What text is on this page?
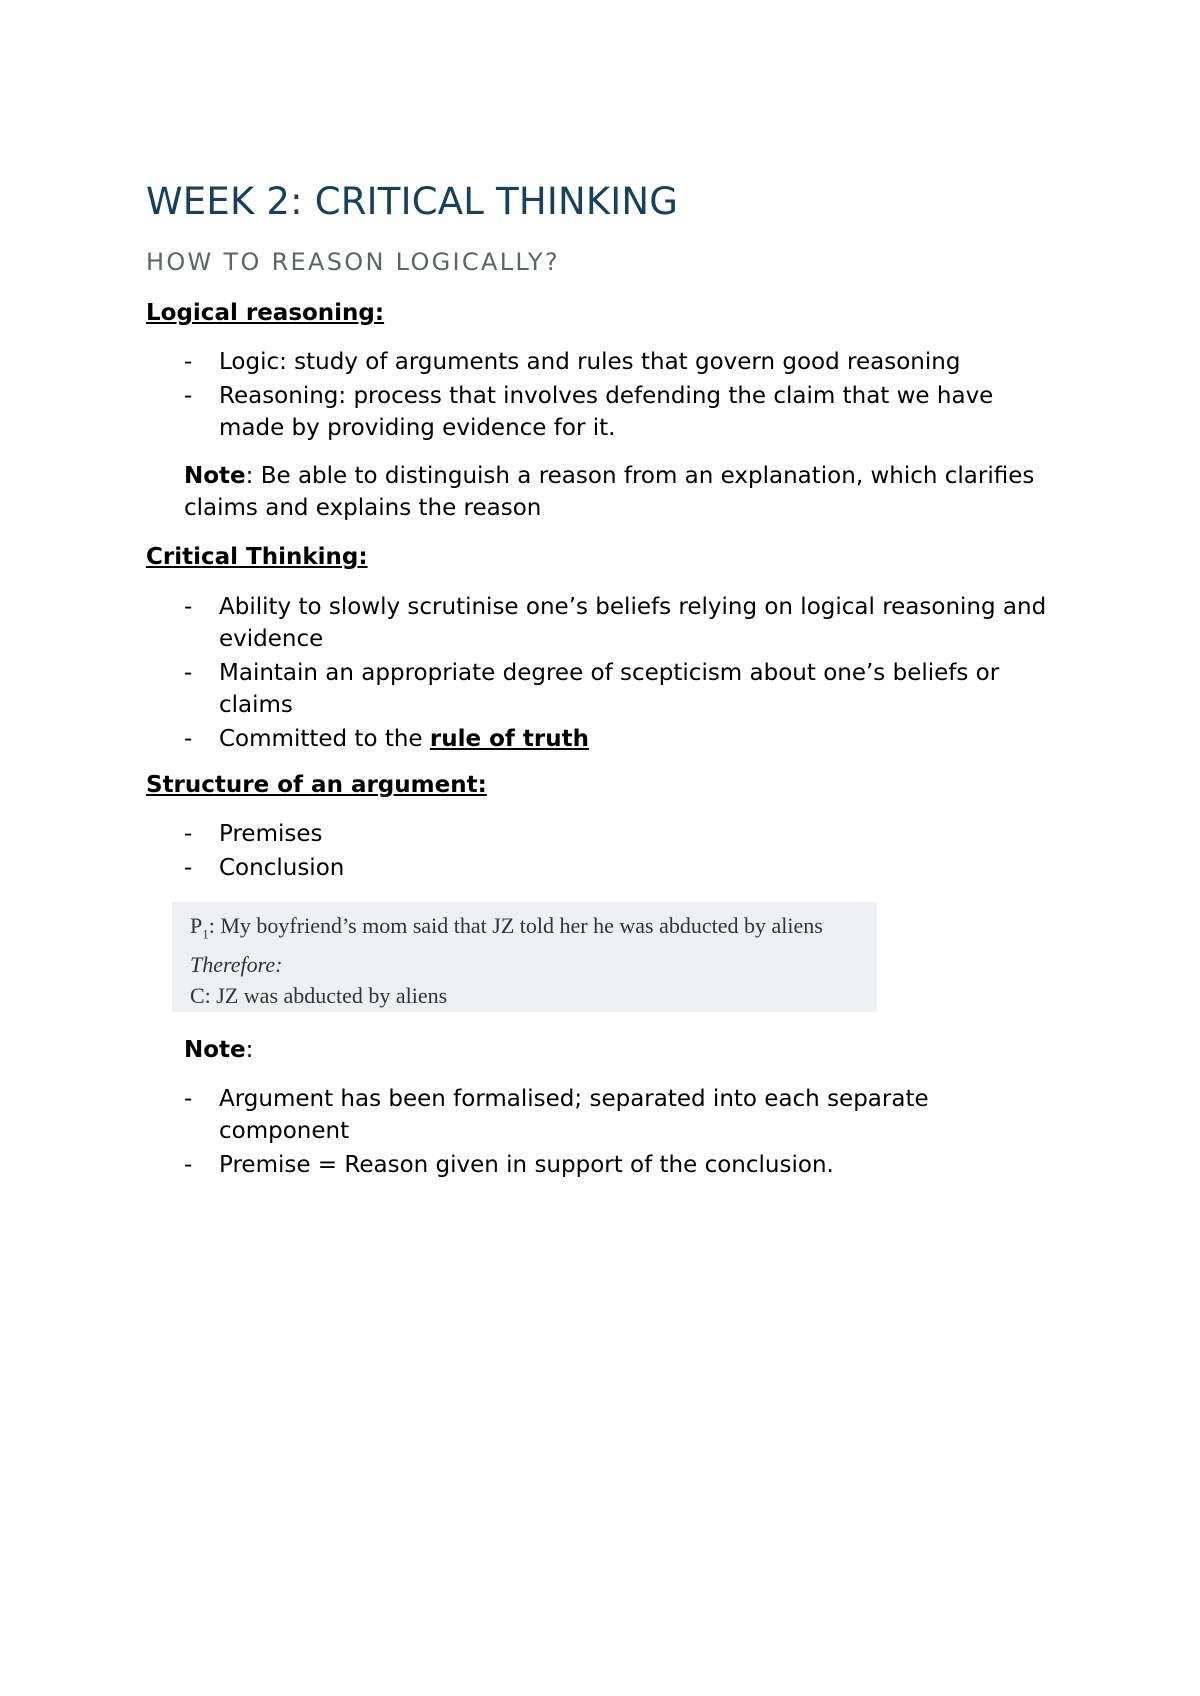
WEEK 2: CRITICAL THINKING
HOW TO REASON LOGICALLY?
Logical reasoning:
- Logic: study of arguments and rules that govern good reasoning
- Reasoning: process that involves defending the claim that we have made by providing evidence for it.
Note: Be able to distinguish a reason from an explanation, which clarifies claims and explains the reason
Critical Thinking:
- Ability to slowly scrutinise one’s beliefs relying on logical reasoning and evidence
- Maintain an appropriate degree of scepticism about one’s beliefs or claims
- Committed to the rule of truth
Structure of an argument:
- Premises
- Conclusion
$P_1$: My boyfriend’s mom said that JZ told her he was abducted by aliens
Therefore:
C: JZ was abducted by aliens
Note:
- Argument has been formalised; separated into each separate component
- Premise = Reason given in support of the conclusion.
